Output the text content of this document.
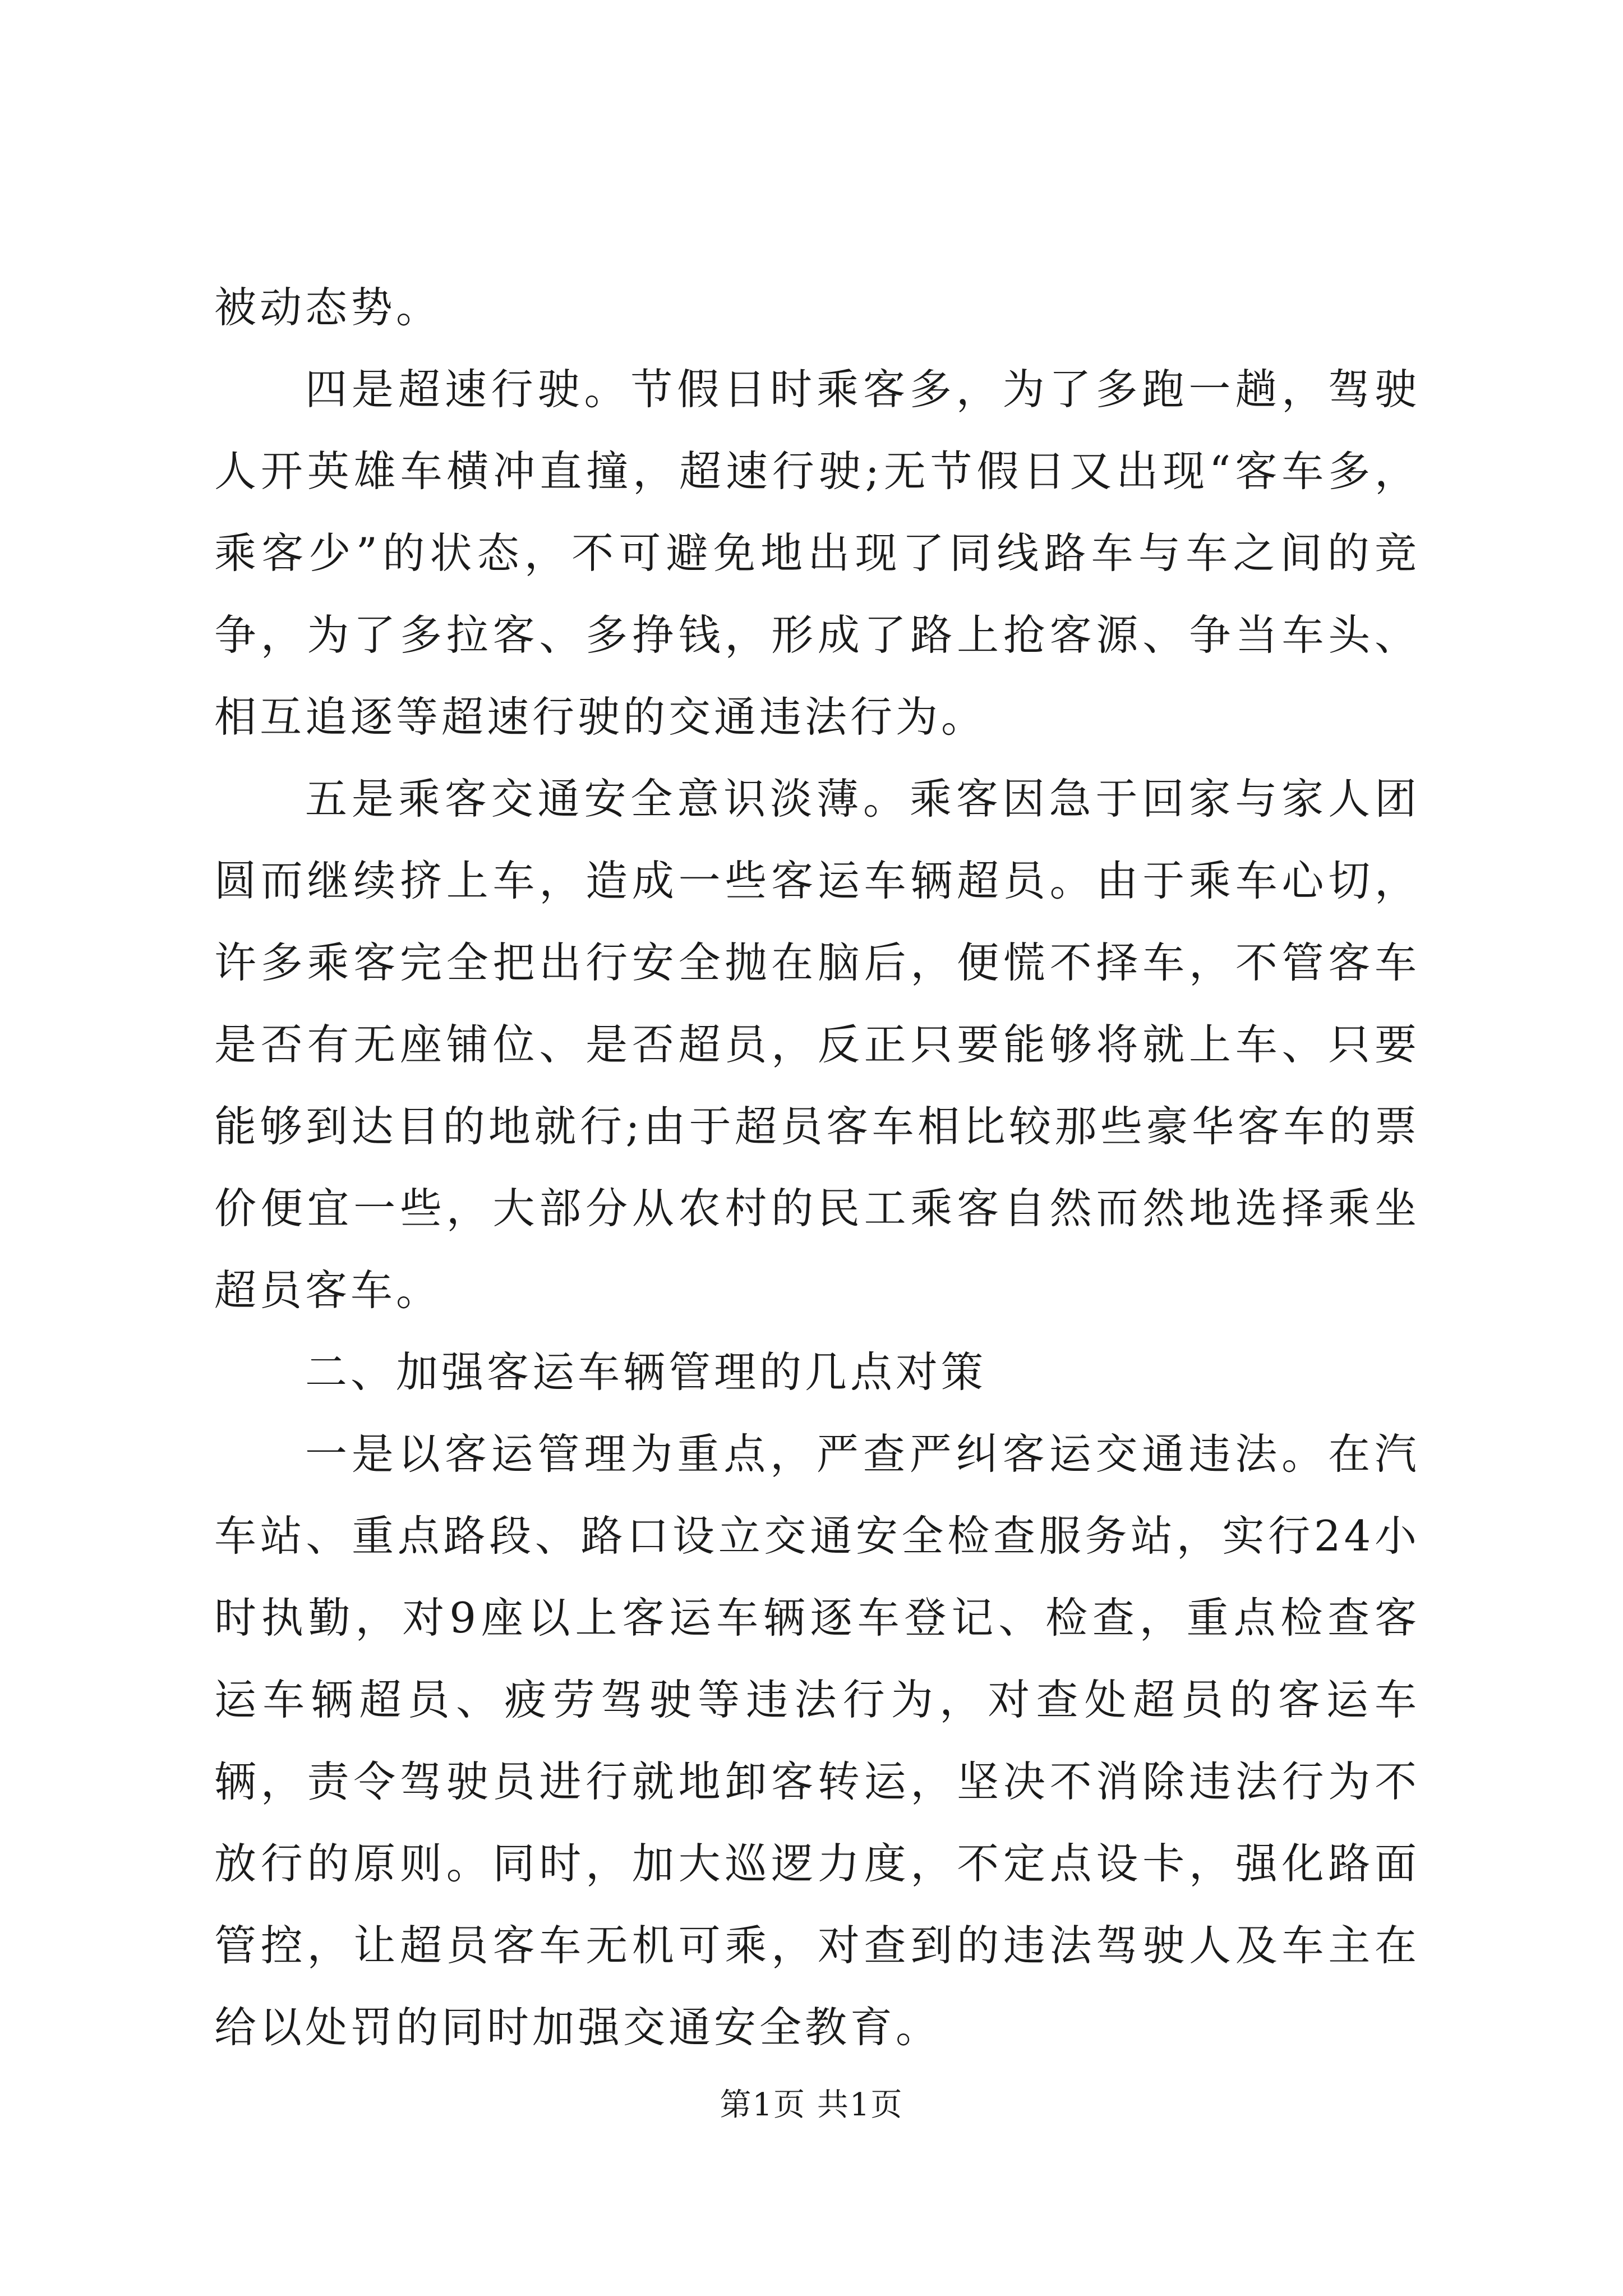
被动态势。

四是超速行驶。节假日时乘客多，为了多跑一趟，驾驶人开英雄车横冲直撞，超速行驶;无节假日又出现“客车多，乘客少”的状态，不可避免地出现了同线路车与车之间的竞争，为了多拉客、多挣钱，形成了路上抢客源、争当车头、相互追逐等超速行驶的交通违法行为。

五是乘客交通安全意识淡薄。乘客因急于回家与家人团圆而继续挤上车，造成一些客运车辆超员。由于乘车心切，许多乘客完全把出行安全抛在脑后，便慌不择车，不管客车是否有无座铺位、是否超员，反正只要能够将就上车、只要能够到达目的地就行;由于超员客车相比较那些豪华客车的票价便宜一些，大部分从农村的民工乘客自然而然地选择乘坐超员客车。

二、加强客运车辆管理的几点对策

一是以客运管理为重点，严查严纠客运交通违法。在汽车站、重点路段、路口设立交通安全检查服务站，实行24小时执勤，对9座以上客运车辆逐车登记、检查，重点检查客运车辆超员、疲劳驾驶等违法行为，对查处超员的客运车辆，责令驾驶员进行就地卸客转运，坚决不消除违法行为不放行的原则。同时，加大巡逻力度，不定点设卡，强化路面管控，让超员客车无机可乘，对查到的违法驾驶人及车主在给以处罚的同时加强交通安全教育。

第1页 共1页
